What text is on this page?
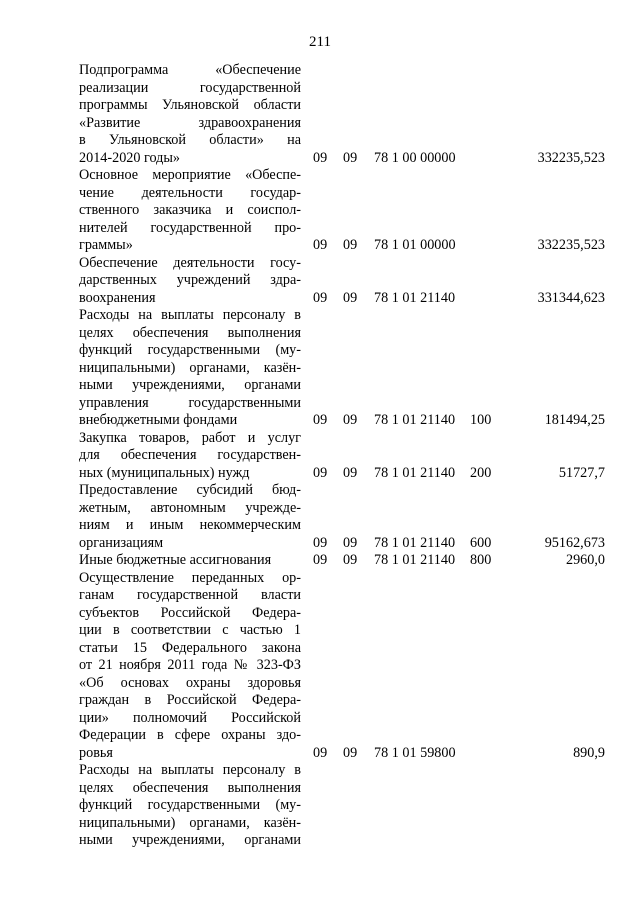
211
Подпрограмма «Обеспечение
реализации государственной
программы Ульяновской области
«Развитие здравоохранения
в Ульяновской области» на
2014-2020 годы»	09 09 78 1 00 00000	332235,523
Основное мероприятие «Обеспе-
чение деятельности государ-
ственного заказчика и соиспол-
нителей государственной про-
граммы»	09 09 78 1 01 00000	332235,523
Обеспечение деятельности госу-
дарственных учреждений здра-
воохранения	09 09 78 1 01 21140	331344,623
Расходы на выплаты персоналу в
целях обеспечения выполнения
функций государственными (му-
ниципальными) органами, казён-
ными учреждениями, органами
управления государственными
внебюджетными фондами	09 09 78 1 01 21140 100	181494,25
Закупка товаров, работ и услуг
для обеспечения государствен-
ных (муниципальных) нужд	09 09 78 1 01 21140 200	51727,7
Предоставление субсидий бюд-
жетным, автономным учрежде-
ниям и иным некоммерческим
организациям	09 09 78 1 01 21140 600	95162,673
Иные бюджетные ассигнования	09 09 78 1 01 21140 800	2960,0
Осуществление переданных ор-
ганам государственной власти
субъектов Российской Федера-
ции в соответствии с частью 1
статьи 15 Федерального закона
от 21 ноября 2011 года № 323-ФЗ
«Об основах охраны здоровья
граждан в Российской Федера-
ции» полномочий Российской
Федерации в сфере охраны здо-
ровья	09 09 78 1 01 59800	890,9
Расходы на выплаты персоналу в
целях обеспечения выполнения
функций государственными (му-
ниципальными) органами, казён-
ными учреждениями, органами
